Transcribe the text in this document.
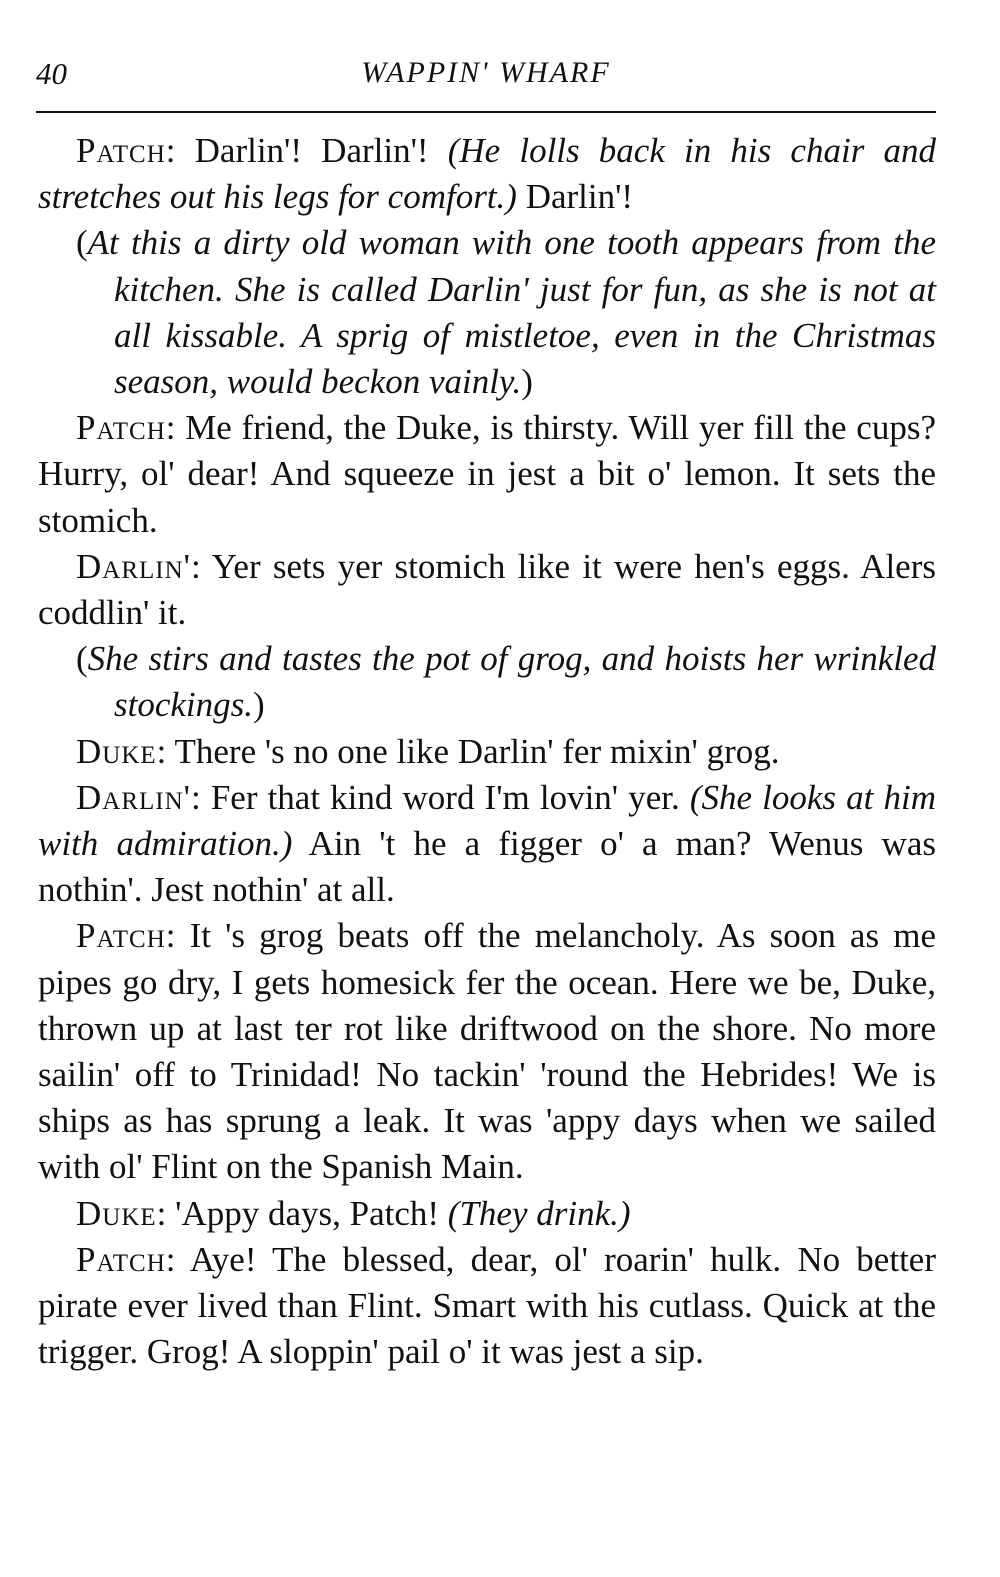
40	WAPPIN' WHARF

Patch: Darlin'! Darlin'! (He lolls back in his chair and stretches out his legs for comfort.) Darlin'!

(At this a dirty old woman with one tooth appears from the kitchen. She is called Darlin' just for fun, as she is not at all kissable. A sprig of mistletoe, even in the Christmas season, would beckon vainly.)

Patch: Me friend, the Duke, is thirsty. Will yer fill the cups? Hurry, ol' dear! And squeeze in jest a bit o' lemon. It sets the stomich.

Darlin': Yer sets yer stomich like it were hen's eggs. Alers coddlin' it.

(She stirs and tastes the pot of grog, and hoists her wrinkled stockings.)

Duke: There 's no one like Darlin' fer mixin' grog.

Darlin': Fer that kind word I'm lovin' yer. (She looks at him with admiration.) Ain 't he a figger o' a man? Wenus was nothin'. Jest nothin' at all.

Patch: It 's grog beats off the melancholy. As soon as me pipes go dry, I gets homesick fer the ocean. Here we be, Duke, thrown up at last ter rot like driftwood on the shore. No more sailin' off to Trinidad! No tackin' 'round the Hebrides! We is ships as has sprung a leak. It was 'appy days when we sailed with ol' Flint on the Spanish Main.

Duke: 'Appy days, Patch! (They drink.)

Patch: Aye! The blessed, dear, ol' roarin' hulk. No better pirate ever lived than Flint. Smart with his cutlass. Quick at the trigger. Grog! A sloppin' pail o' it was jest a sip.
